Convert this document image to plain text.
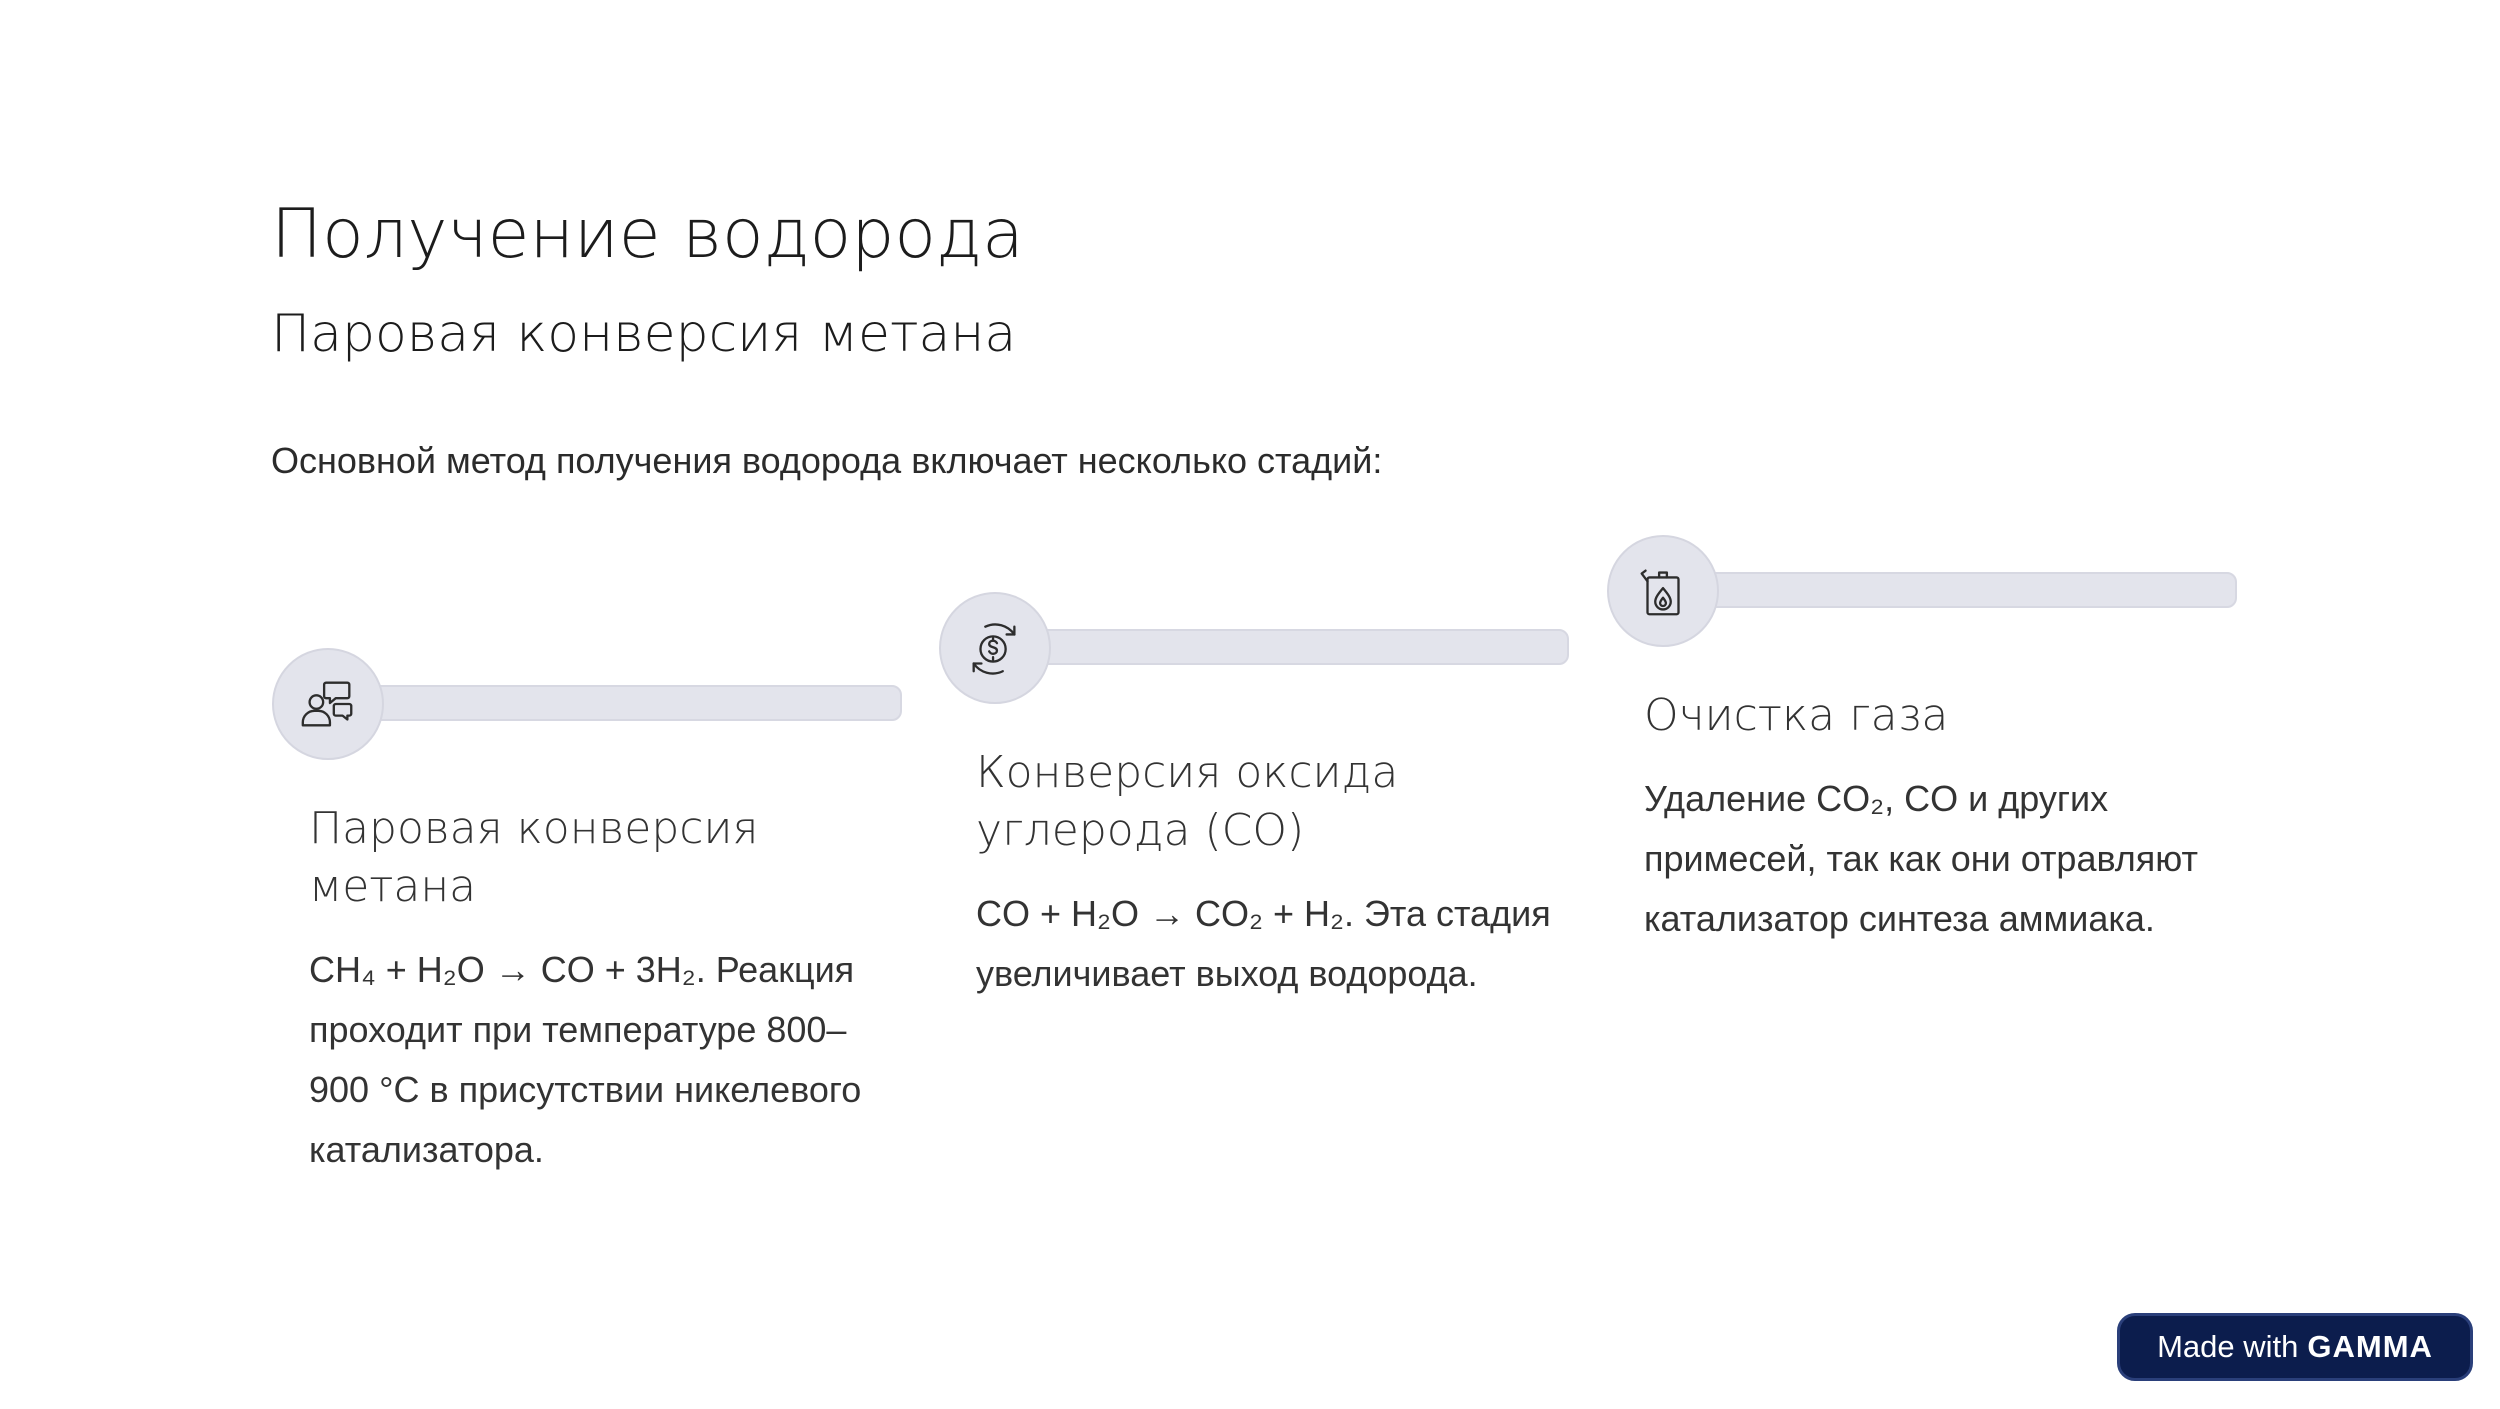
Получение водорода
Паровая конверсия метана

Основной метод получения водорода включает несколько стадий:

Паровая конверсия метана

CH₄ + H₂O → CO + 3H₂. Реакция проходит при температуре 800–900 °C в присутствии никелевого катализатора.

Конверсия оксида углерода (CO)

CO + H₂O → CO₂ + H₂. Эта стадия увеличивает выход водорода.

Очистка газа

Удаление CO₂, CO и других примесей, так как они отравляют катализатор синтеза аммиака.

Made with GAMMA
